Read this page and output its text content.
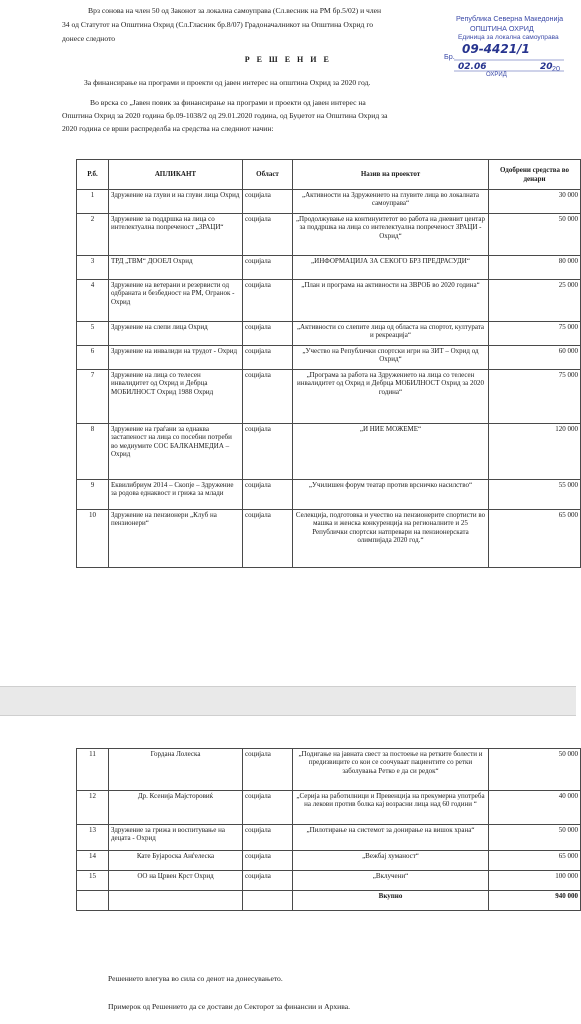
Врз сонова на член 50 од Законот за локална самоуправа (Сл.весник на РМ бр.5/02) и член
34 од Статутот на Општина Охрид (Сл.Гласник бр.8/07) Градоначалникот на Општина Охрид го
донесе следното
Република Северна Македонија
ОПШТИНА ОХРИД
Единица за локална самоуправа
Бр.
09-4421/1
02.06	20 20
ОХРИД
Р Е Ш Е Н И Е
За финансирање на програми и проекти од јавен интерес на општина Охрид за 2020 год.
Во врска со „Јавен повик за финансирање на програми и проекти од јавен интерес на
Општина Охрид за 2020 година бр.09-1038/2 од 29.01.2020 година, од Буџетот на Општина Охрид за
2020 година се врши распределба на средства на следниот начин:
Р.б.	АПЛИКАНТ	Област	Назив на проектот	Одобрени средства во денари
1	Здружение на глуви и на глуви лица Охрид	социјала	„Активности на Здружението на глувите лица во локалната самоуправа“	30 000
2	Здружение за поддршка на лица со интелектуална попреченост „ЗРАЦИ“	социјала	„Продолжување на континуитетот во работа на дневнит центар за поддршка на лица со интелектуална попреченост ЗРАЦИ - Охрид“	50 000
3	ТРД „ТВМ“ ДООЕЛ Охрид	социјала	„ИНФОРМАЦИЈА ЗА СЕКОГО БРЗ ПРЕДРАСУДИ“	80 000
4	Здружение на ветерани и резервисти од одбраната и безбедност на РМ, Огранок - Охрид	социјала	„План и програма на активности на ЗВРОБ во 2020 година“	25 000
5	Здружение на слепи лица Охрид	социјала	„Активности со слепите лица од областа на спортот, културата и рекреација“	75 000
6	Здружение на инвалиди на трудот - Охрид	социјала	„Учество на Републички спортски игри на ЗИТ – Охрид од Охрид“	60 000
7	Здружение на лица со телесен инвалидитет од Охрид и Дебрца МОБИЛНОСТ Охрид 1988 Охрид	социјала	„Програма за работа на Здружението на лица со телесен инвалидитет од Охрид и Дебрца МОБИЛНОСТ Охрид за 2020 година“	75 000
8	Здружение на граѓани за еднаква застапеност на лица со посебни потреби во медиумите СОС БАЛКАНМЕДИА – Охрид	социјала	„И НИЕ МОЖЕМЕ“	120 000
9	Еквилибриум 2014 – Скопје – Здружение за родова еднаквост и грижа за млади	социјала	„Училишен форум театар против врсничко насилство“	55 000
10	Здружение на пензионери „Клуб на пензионери“	социјала	Селекција, подготовка и учество на пензионерите спортисти во машка и женска конкуренција на регионалните и 25 Републички спортски натпревари на пензионерската олимпијада 2020 год.“	65 000
11	Гордана Лолеска	социјала	„Подигање на јавната свест за постоење на ретките болести и предизвиците со кои се соочуваат пациентите со ретки заболувања Ретко е да си редок“	50 000
12	Др. Ксенија Мајсторовиќ	социјала	„Серија на работилници и Превенција на прекумерна употреба на лекови против болка кај возрасни лица над 60 години “	40 000
13	Здружение за грижа и воспитување на децата - Охрид	социјала	„Пилотирање на системот за донирање на вишок храна“	50 000
14	Кате Бујароска Анѓелеска	социјала	„Вежбај хуманост“	65 000
15	ОО на Црвен Крст Охрид	социјала	„Вклучени“	100 000
			Вкупно	940 000
Решението влегува во сила со денот на донесувањето.
Примерок од Решението да се достави до Секторот за финансии и Архива.
